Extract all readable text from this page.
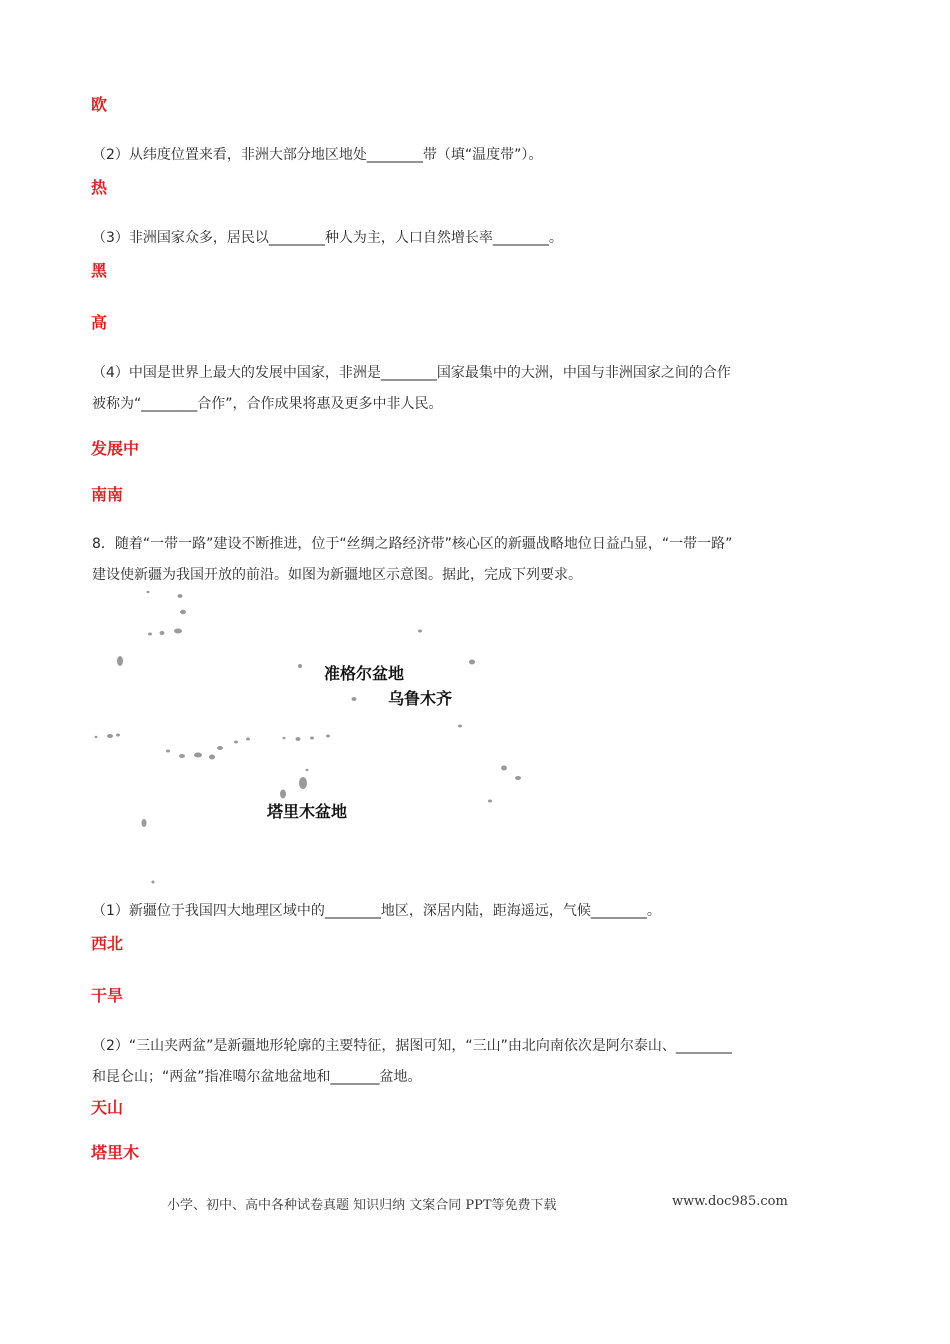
欧
（2）从纬度位置来看，非洲大部分地区地处________带（填“温度带”）。
热
（3）非洲国家众多，居民以________种人为主，人口自然增长率________。
黑
高
（4）中国是世界上最大的发展中国家，非洲是________国家最集中的大洲，中国与非洲国家之间的合作
被称为“________合作”，合作成果将惠及更多中非人民。
发展中
南南
8．随着“一带一路”建设不断推进，位于“丝绸之路经济带”核心区的新疆战略地位日益凸显，“一带一路”
建设使新疆为我国开放的前沿。如图为新疆地区示意图。据此，完成下列要求。
准格尔盆地
乌鲁木齐
塔里木盆地
（1）新疆位于我国四大地理区域中的________地区，深居内陆，距海遥远，气候________。
西北
干旱
（2）“三山夹两盆”是新疆地形轮廓的主要特征，据图可知，“三山”由北向南依次是阿尔泰山、________
和昆仑山；“两盆”指准噶尔盆地盆地和_______盆地。
天山
塔里木
小学、初中、高中各种试卷真题 知识归纳 文案合同 PPT等免费下载	www.doc985.com
